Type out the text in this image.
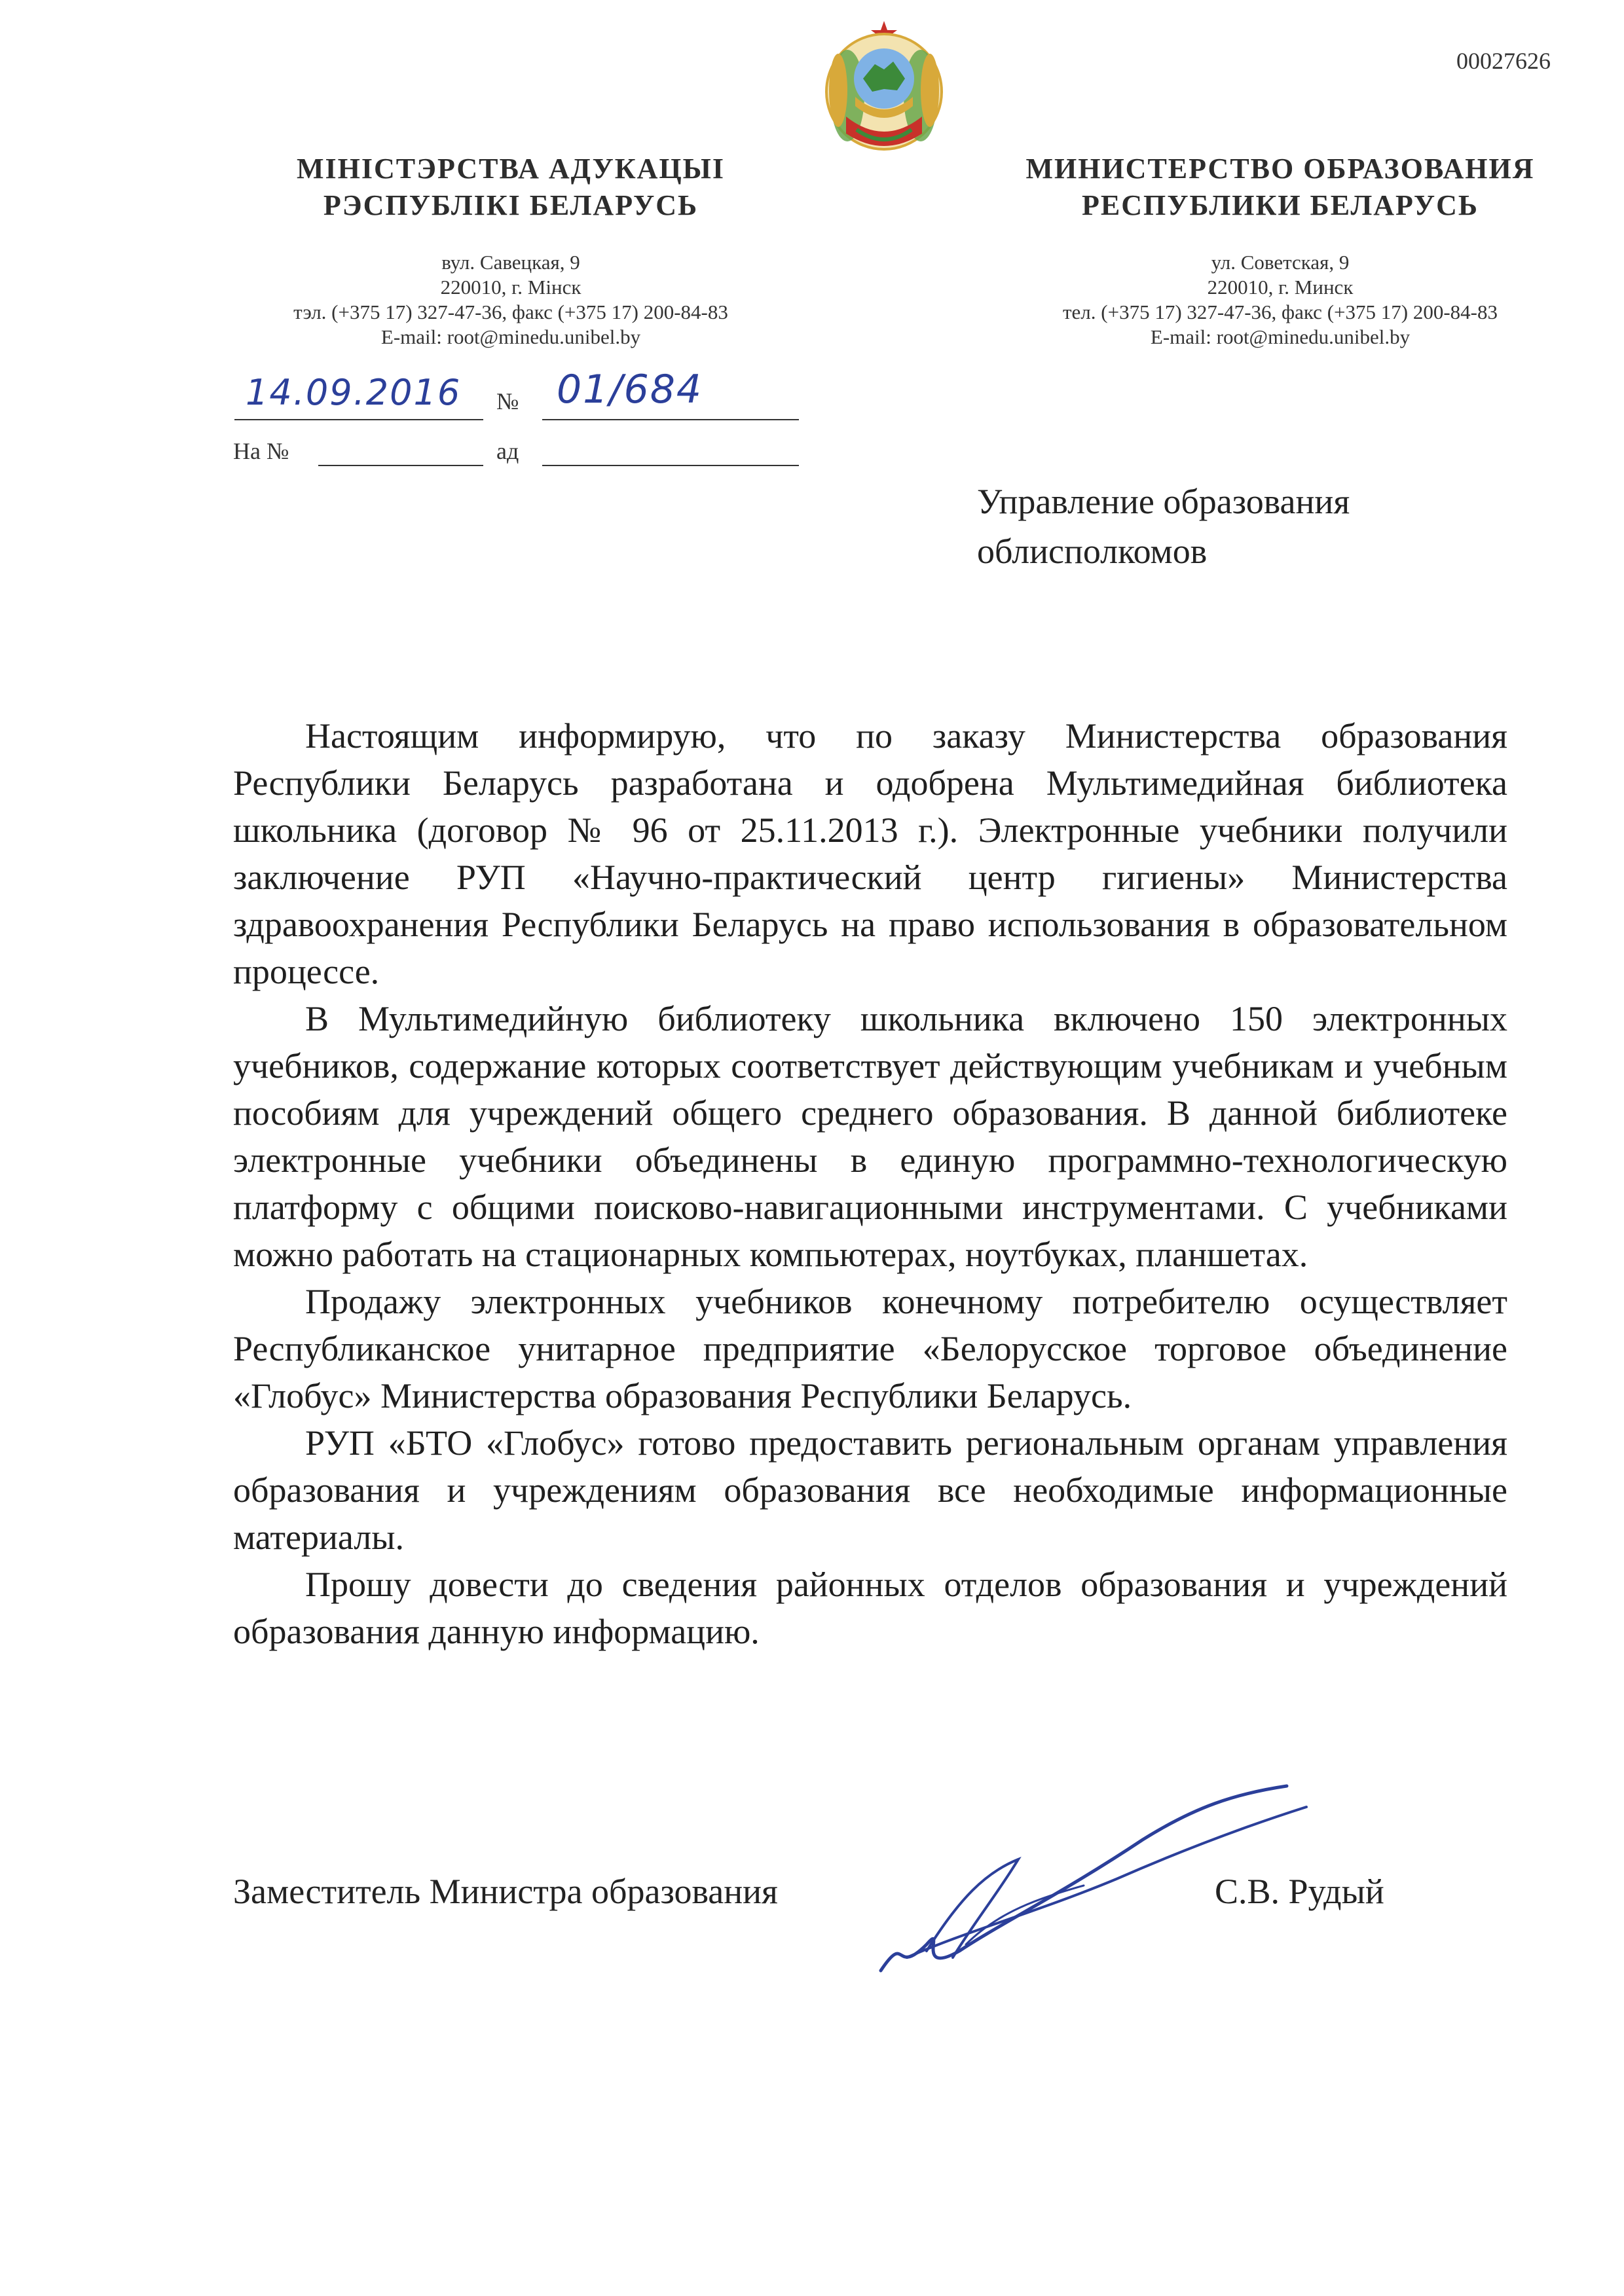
00027626
МІНІСТЭРСТВА АДУКАЦЫІ
РЭСПУБЛІКІ БЕЛАРУСЬ
вул. Савецкая, 9
220010, г. Мінск
тэл. (+375 17) 327-47-36, факс (+375 17) 200-84-83
E-mail: root@minedu.unibel.by
МИНИСТЕРСТВО ОБРАЗОВАНИЯ
РЕСПУБЛИКИ БЕЛАРУСЬ
ул. Советская, 9
220010, г. Минск
тел. (+375 17) 327-47-36, факс (+375 17) 200-84-83
E-mail: root@minedu.unibel.by
14.09.2016 № 01/684
На №	ад
Управление образования
облисполкомов

Настоящим информирую, что по заказу Министерства образования Республики Беларусь разработана и одобрена Мультимедийная библиотека школьника (договор № 96 от 25.11.2013 г.). Электронные учебники получили заключение РУП «Научно-практический центр гигиены» Министерства здравоохранения Республики Беларусь на право использования в образовательном процессе.

В Мультимедийную библиотеку школьника включено 150 электронных учебников, содержание которых соответствует действующим учебникам и учебным пособиям для учреждений общего среднего образования. В данной библиотеке электронные учебники объединены в единую программно-технологическую платформу с общими поисково-навигационными инструментами. С учебниками можно работать на стационарных компьютерах, ноутбуках, планшетах.

Продажу электронных учебников конечному потребителю осуществляет Республиканское унитарное предприятие «Белорусское торговое объединение «Глобус» Министерства образования Республики Беларусь.

РУП «БТО «Глобус» готово предоставить региональным органам управления образования и учреждениям образования все необходимые информационные материалы.

Прошу довести до сведения районных отделов образования и учреждений образования данную информацию.

Заместитель Министра образования	С.В. Рудый
